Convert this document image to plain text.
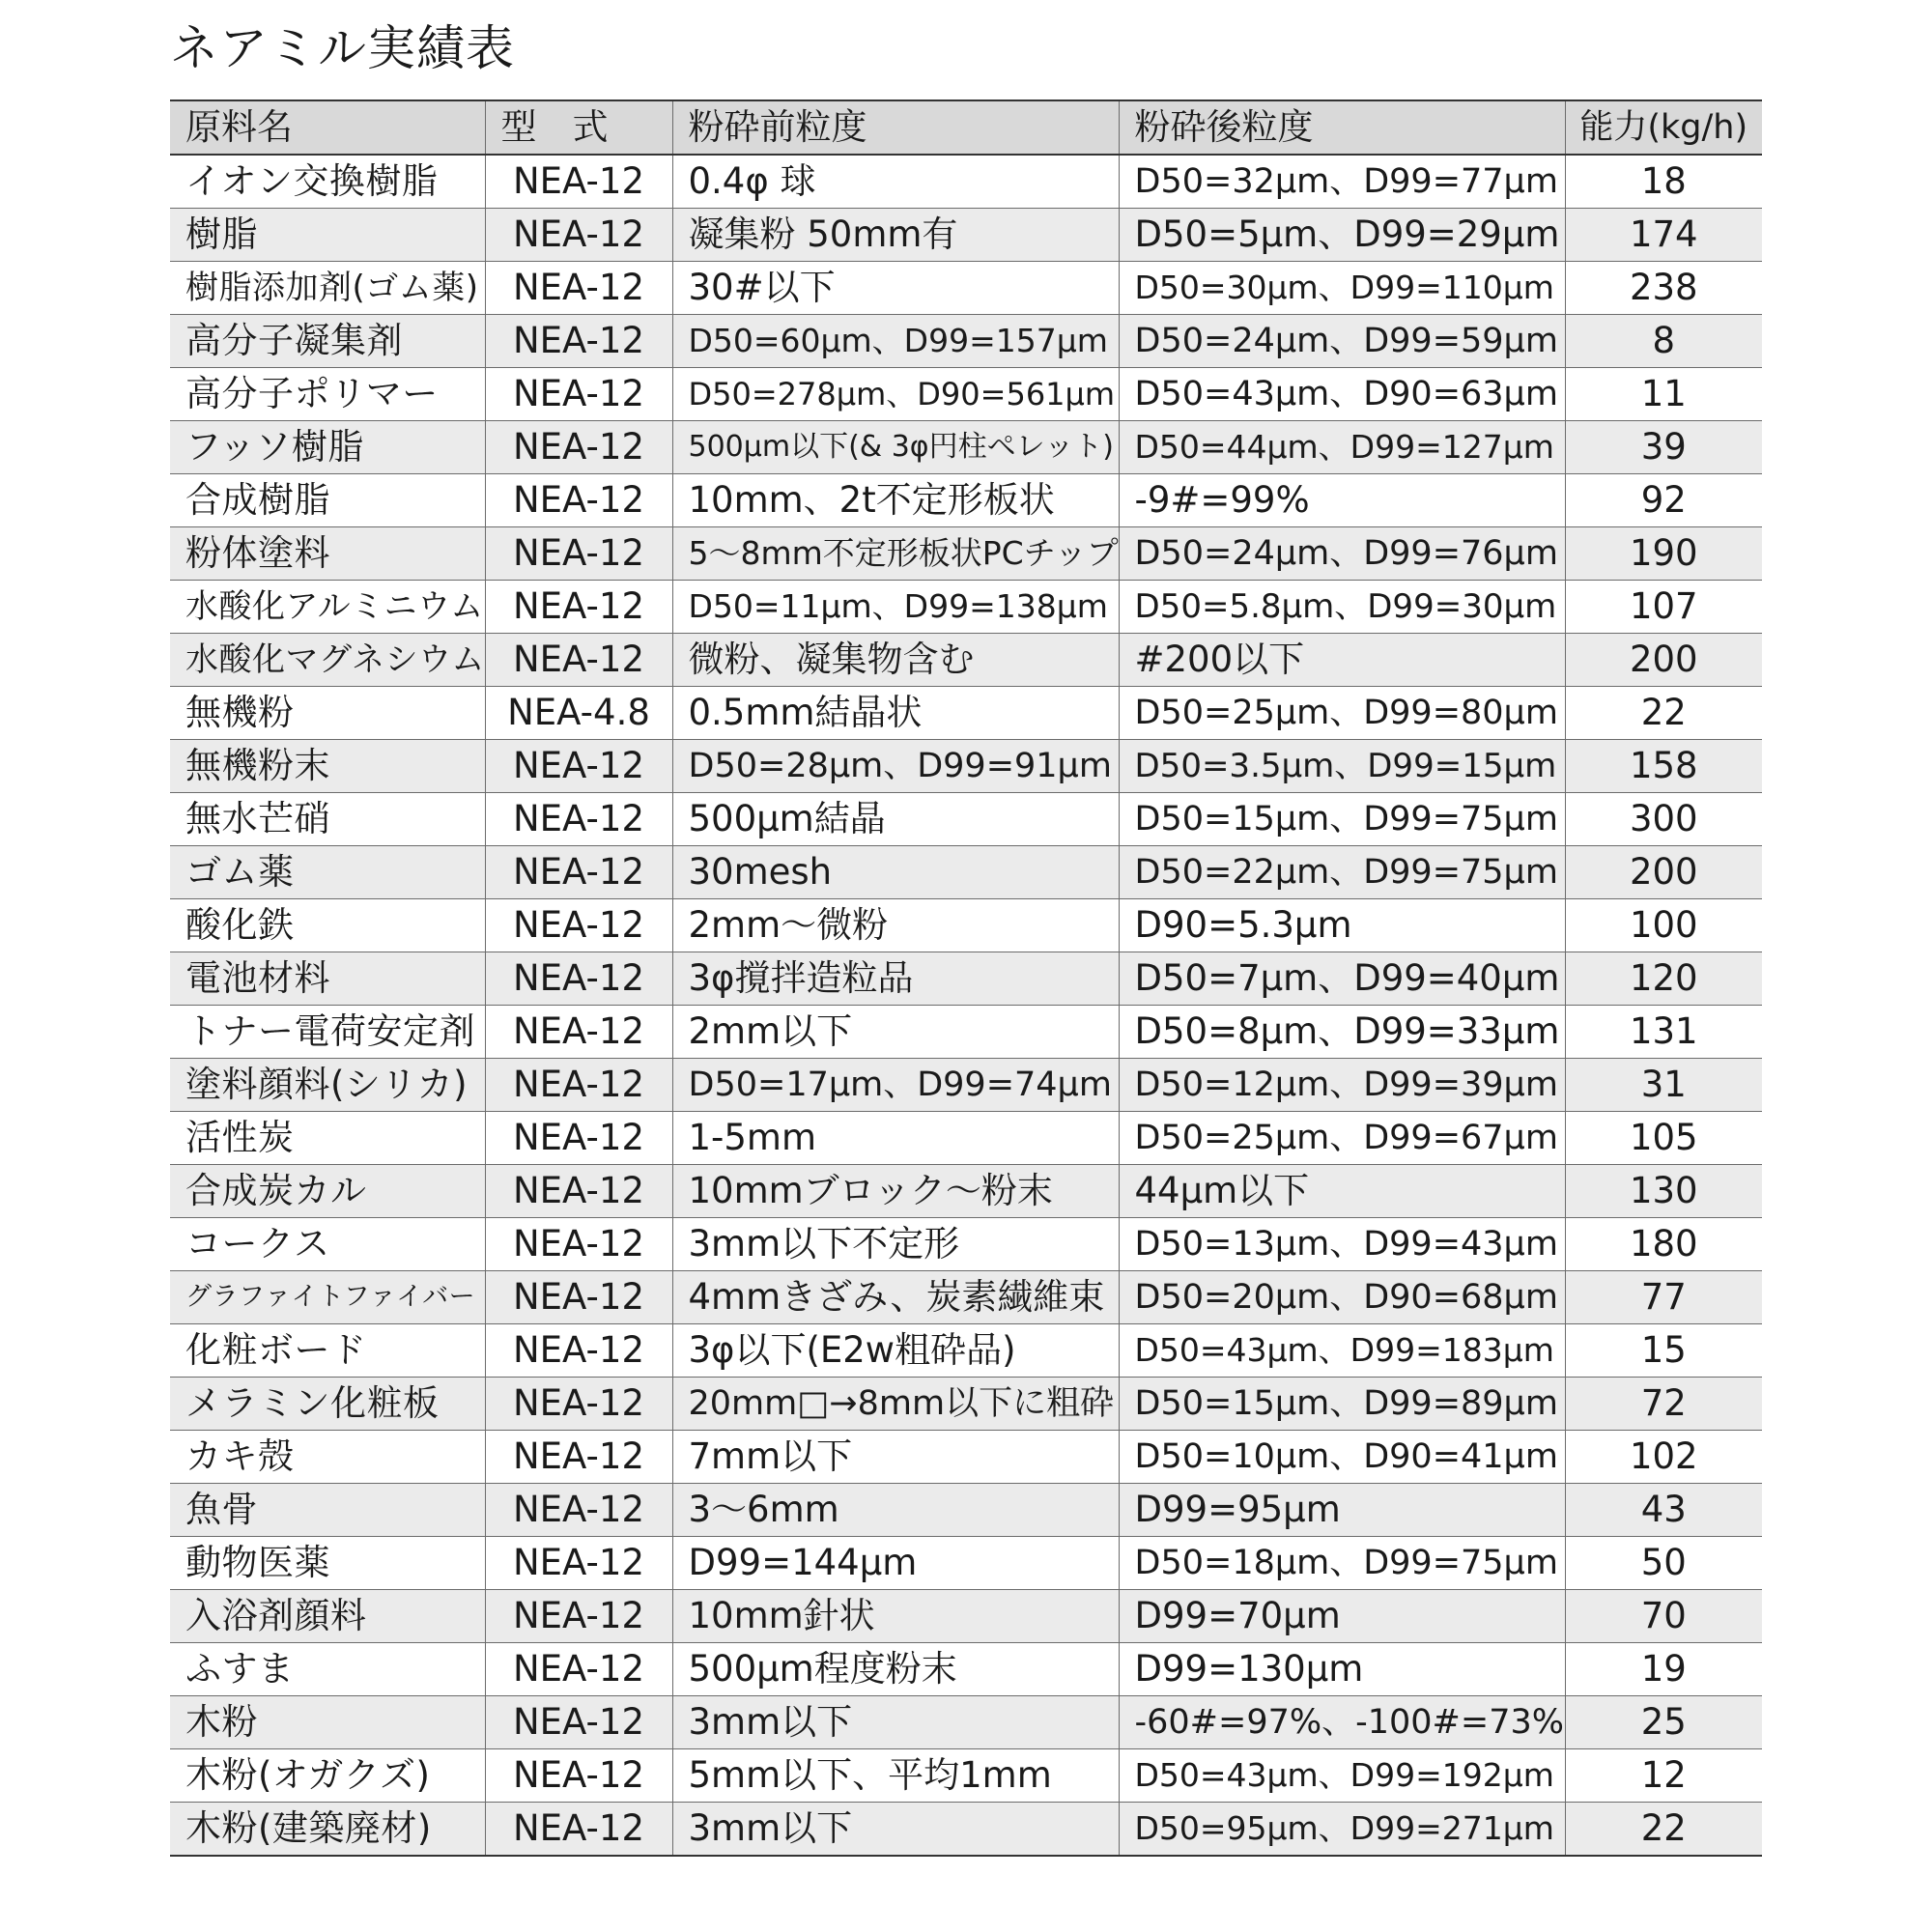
ネアミル実績表
原料名	型　式	粉砕前粒度	粉砕後粒度	能力(kg/h)
イオン交換樹脂	NEA-12	0.4φ 球	D50=32μm、D99=77μm	18
樹脂	NEA-12	凝集粉 50mm有	D50=5μm、D99=29μm	174
樹脂添加剤(ゴム薬)	NEA-12	30#以下	D50=30μm、D99=110μm	238
高分子凝集剤	NEA-12	D50=60μm、D99=157μm	D50=24μm、D99=59μm	8
高分子ポリマー	NEA-12	D50=278μm、D90=561μm	D50=43μm、D90=63μm	11
フッソ樹脂	NEA-12	500μm以下(& 3φ円柱ペレット)	D50=44μm、D99=127μm	39
合成樹脂	NEA-12	10mm、2t不定形板状	-9#=99%	92
粉体塗料	NEA-12	5～8mm不定形板状PCチップ	D50=24μm、D99=76μm	190
水酸化アルミニウム	NEA-12	D50=11μm、D99=138μm	D50=5.8μm、D99=30μm	107
水酸化マグネシウム	NEA-12	微粉、凝集物含む	#200以下	200
無機粉	NEA-4.8	0.5mm結晶状	D50=25μm、D99=80μm	22
無機粉末	NEA-12	D50=28μm、D99=91μm	D50=3.5μm、D99=15μm	158
無水芒硝	NEA-12	500μm結晶	D50=15μm、D99=75μm	300
ゴム薬	NEA-12	30mesh	D50=22μm、D99=75μm	200
酸化鉄	NEA-12	2mm～微粉	D90=5.3μm	100
電池材料	NEA-12	3φ撹拌造粒品	D50=7μm、D99=40μm	120
トナー電荷安定剤	NEA-12	2mm以下	D50=8μm、D99=33μm	131
塗料顔料(シリカ)	NEA-12	D50=17μm、D99=74μm	D50=12μm、D99=39μm	31
活性炭	NEA-12	1-5mm	D50=25μm、D99=67μm	105
合成炭カル	NEA-12	10mmブロック～粉末	44μm以下	130
コークス	NEA-12	3mm以下不定形	D50=13μm、D99=43μm	180
グラファイトファイバー	NEA-12	4mmきざみ、炭素繊維束	D50=20μm、D90=68μm	77
化粧ボード	NEA-12	3φ以下(E2w粗砕品)	D50=43μm、D99=183μm	15
メラミン化粧板	NEA-12	20mm□→8mm以下に粗砕	D50=15μm、D99=89μm	72
カキ殻	NEA-12	7mm以下	D50=10μm、D90=41μm	102
魚骨	NEA-12	3～6mm	D99=95μm	43
動物医薬	NEA-12	D99=144μm	D50=18μm、D99=75μm	50
入浴剤顔料	NEA-12	10mm針状	D99=70μm	70
ふすま	NEA-12	500μm程度粉末	D99=130μm	19
木粉	NEA-12	3mm以下	-60#=97%、-100#=73%	25
木粉(オガクズ)	NEA-12	5mm以下、平均1mm	D50=43μm、D99=192μm	12
木粉(建築廃材)	NEA-12	3mm以下	D50=95μm、D99=271μm	22
